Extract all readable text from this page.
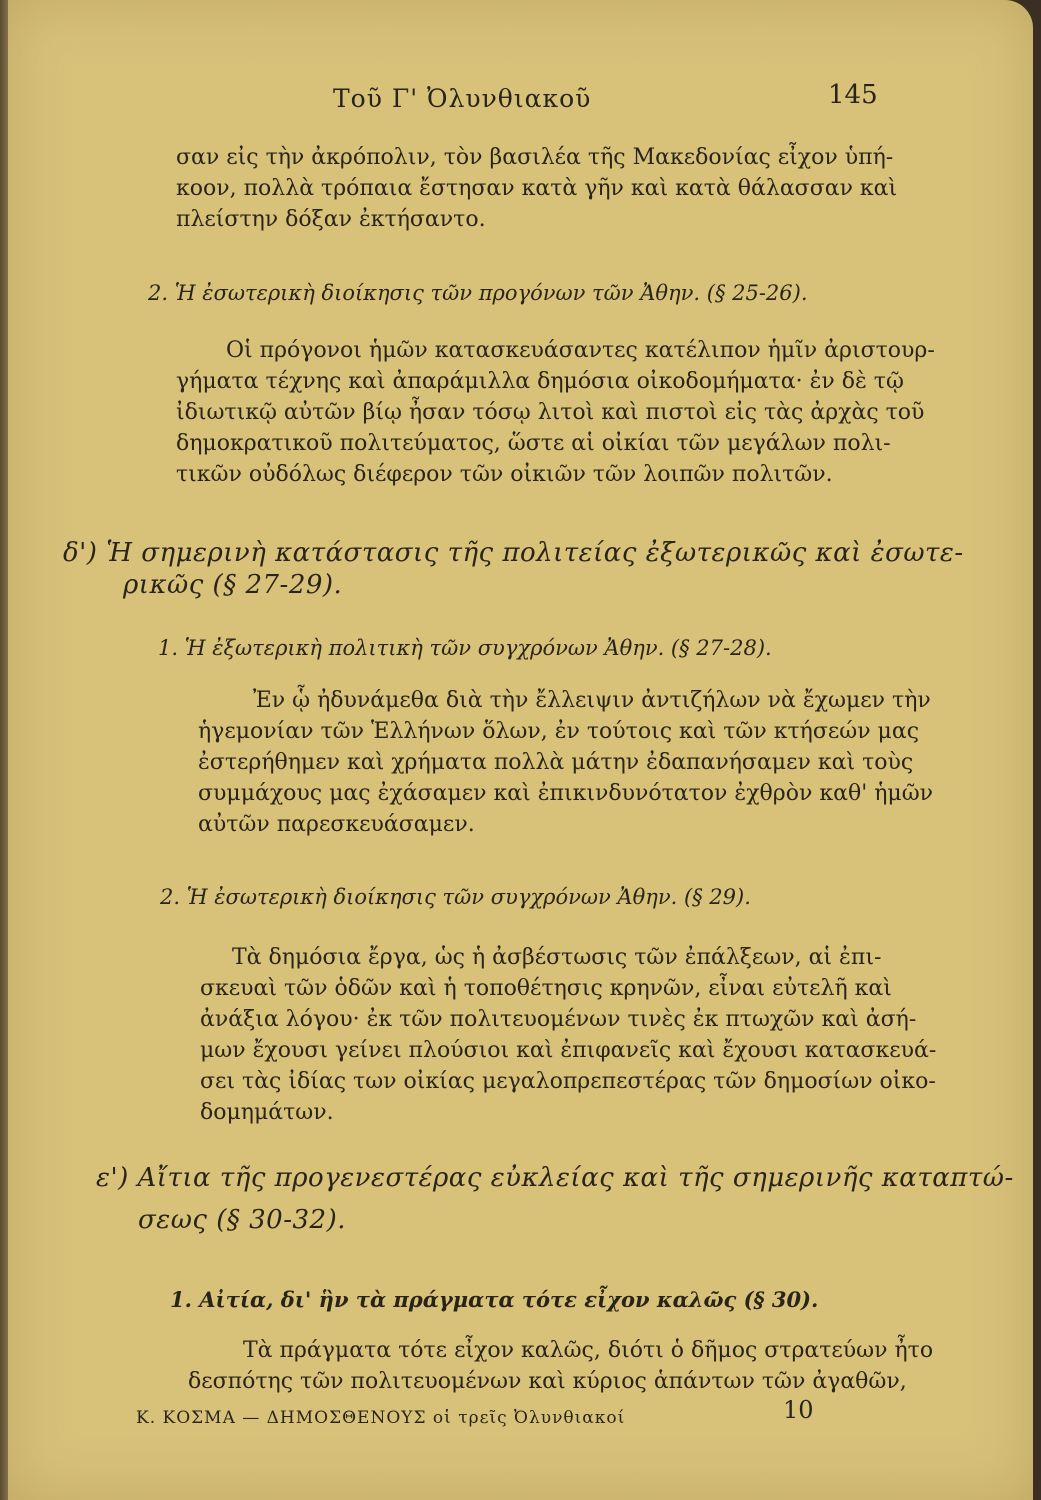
Τοῦ Γ' Ὀλυνθιακοῦ	145
σαν εἰς τὴν ἀκρόπολιν, τὸν βασιλέα τῆς Μακεδονίας εἶχον ὑπή-
κοον, πολλὰ τρόπαια ἔστησαν κατὰ γῆν καὶ κατὰ θάλασσαν καὶ
πλείστην δόξαν ἐκτήσαντο.
2. Ἡ ἐσωτερικὴ διοίκησις τῶν προγόνων τῶν Ἀθην. (§ 25-26).
Οἱ πρόγονοι ἡμῶν κατασκευάσαντες κατέλιπον ἡμῖν ἀριστουρ-
γήματα τέχνης καὶ ἀπαράμιλλα δημόσια οἰκοδομήματα· ἐν δὲ τῷ
ἰδιωτικῷ αὐτῶν βίῳ ἦσαν τόσῳ λιτοὶ καὶ πιστοὶ εἰς τὰς ἀρχὰς τοῦ
δημοκρατικοῦ πολιτεύματος, ὥστε αἱ οἰκίαι τῶν μεγάλων πολι-
τικῶν οὐδόλως διέφερον τῶν οἰκιῶν τῶν λοιπῶν πολιτῶν.
δ') Ἡ σημερινὴ κατάστασις τῆς πολιτείας ἐξωτερικῶς καὶ ἐσωτε-
ρικῶς (§ 27-29).
1. Ἡ ἐξωτερικὴ πολιτικὴ τῶν συγχρόνων Ἀθην. (§ 27-28).
Ἐν ᾧ ἠδυνάμεθα διὰ τὴν ἔλλειψιν ἀντιζήλων νὰ ἔχωμεν τὴν
ἡγεμονίαν τῶν Ἑλλήνων ὅλων, ἐν τούτοις καὶ τῶν κτήσεών μας
ἐστερήθημεν καὶ χρήματα πολλὰ μάτην ἐδαπανήσαμεν καὶ τοὺς
συμμάχους μας ἐχάσαμεν καὶ ἐπικινδυνότατον ἐχθρὸν καθ' ἡμῶν
αὐτῶν παρεσκευάσαμεν.
2. Ἡ ἐσωτερικὴ διοίκησις τῶν συγχρόνων Ἀθην. (§ 29).
Τὰ δημόσια ἔργα, ὡς ἡ ἀσβέστωσις τῶν ἐπάλξεων, αἱ ἐπι-
σκευαὶ τῶν ὁδῶν καὶ ἡ τοποθέτησις κρηνῶν, εἶναι εὐτελῆ καὶ
ἀνάξια λόγου· ἐκ τῶν πολιτευομένων τινὲς ἐκ πτωχῶν καὶ ἀσή-
μων ἔχουσι γείνει πλούσιοι καὶ ἐπιφανεῖς καὶ ἔχουσι κατασκευά-
σει τὰς ἰδίας των οἰκίας μεγαλοπρεπεστέρας τῶν δημοσίων οἰκο-
δομημάτων.
ε') Αἴτια τῆς προγενεστέρας εὐκλείας καὶ τῆς σημερινῆς καταπτώ-
σεως (§ 30-32).
1. Αἰτία, δι' ἣν τὰ πράγματα τότε εἶχον καλῶς (§ 30).
Τὰ πράγματα τότε εἶχον καλῶς, διότι ὁ δῆμος στρατεύων ἦτο
δεσπότης τῶν πολιτευομένων καὶ κύριος ἁπάντων τῶν ἀγαθῶν,
Κ. ΚΟΣΜΑ — ΔΗΜΟΣΘΕΝΟΥΣ οἱ τρεῖς Ὀλυνθιακοί	10
